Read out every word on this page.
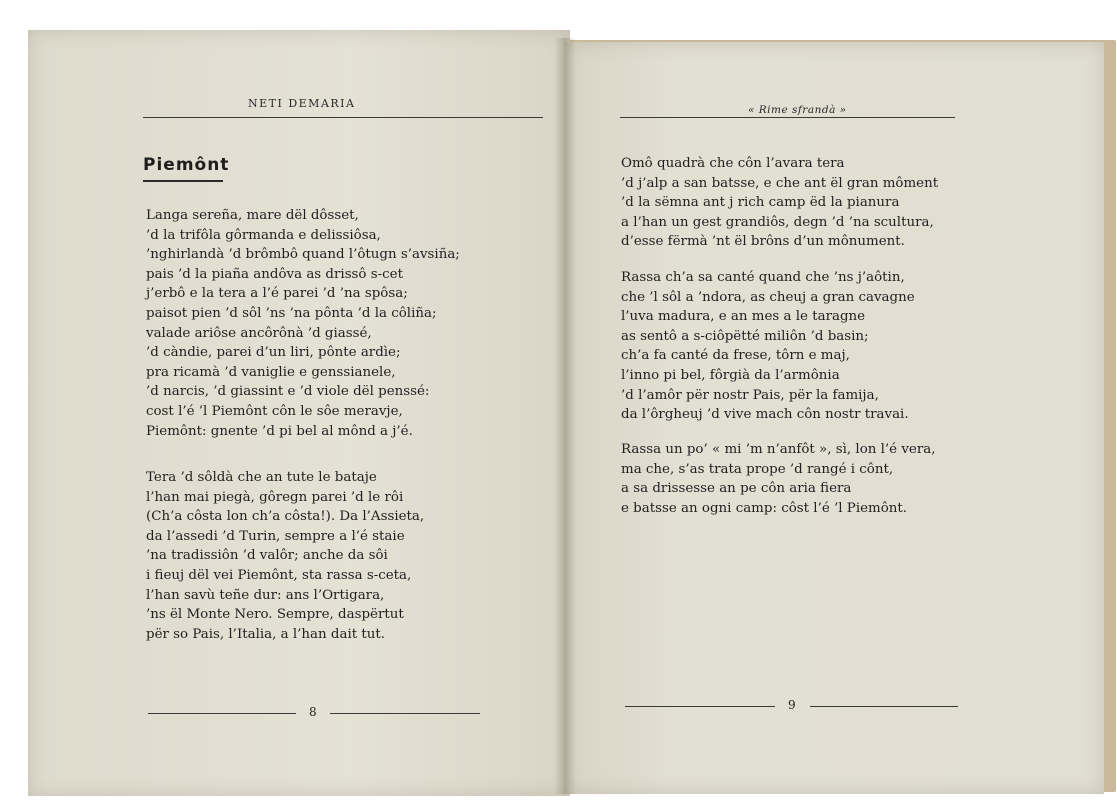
NETI DEMARIA
Piemônt
Langa sereña, mare dël dôsset,
’d la trifôla gôrmanda e delissiôsa,
’nghirlandà ’d brômbô quand l’ôtugn s’avsiña;
pais ’d la piaña andôva as drissô s-cet
j’erbô e la tera a l’é parei ’d ’na spôsa;
paisot pien ’d sôl ’ns ’na pônta ’d la côliña;
valade ariôse ancôrônà ’d giassé,
’d càndie, parei d’un liri, pônte ardìe;
pra ricamà ’d vaniglie e genssianele,
’d narcis, ’d giassint e ’d viole dël penssé:
cost l’é ’l Piemônt côn le sôe meravje,
Piemônt: gnente ’d pi bel al mônd a j’é.
Tera ’d sôldà che an tute le bataje
l’han mai piegà, gôregn parei ’d le rôi
(Ch’a côsta lon ch’a côsta!). Da l’Assieta,
da l’assedi ’d Turin, sempre a l’é staie
’na tradissiôn ’d valôr; anche da sôi
i fieuj dël vei Piemônt, sta rassa s-ceta,
l’han savù teñe dur: ans l’Ortigara,
’ns ël Monte Nero. Sempre, daspërtut
për so Pais, l’Italia, a l’han dait tut.
8
« Rime sfrandà »
Omô quadrà che côn l’avara tera
’d j’alp a san batsse, e che ant ël gran môment
’d la sëmna ant j rich camp ëd la pianura
a l’han un gest grandiôs, degn ’d ’na scultura,
d’esse fërmà ’nt ël brôns d’un mônument.
Rassa ch’a sa canté quand che ’ns j’aôtin,
che ’l sôl a ’ndora, as cheuj a gran cavagne
l’uva madura, e an mes a le taragne
as sentô a s-ciôpëtté miliôn ’d basin;
ch’a fa canté da frese, tôrn e maj,
l’inno pi bel, fôrgià da l’armônia
’d l’amôr për nostr Pais, për la famija,
da l’ôrgheuj ’d vive mach côn nostr travai.
Rassa un po’ « mi ’m n’anfôt », sì, lon l’é vera,
ma che, s’as trata prope ’d rangé i cônt,
a sa drissesse an pe côn aria fiera
e batsse an ogni camp: côst l’é ’l Piemônt.
9
